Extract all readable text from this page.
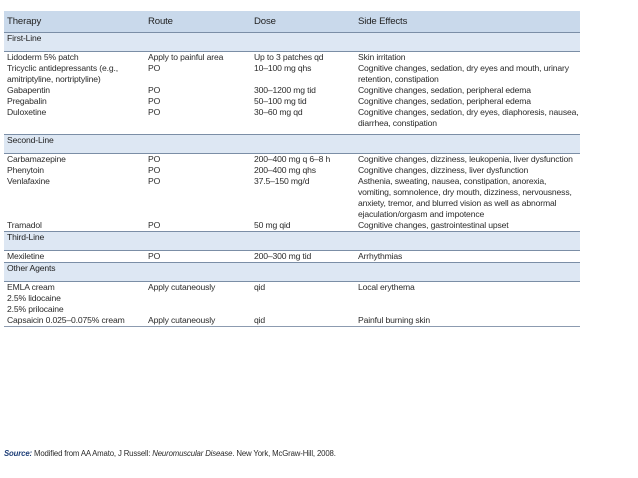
Therapy	Route	Dose	Side Effects
First-Line			
Lidoderm 5% patch	Apply to painful area	Up to 3 patches qd	Skin irritation
Tricyclic antidepressants (e.g., amitriptyline, nortriptyline)	PO	10–100 mg qhs	Cognitive changes, sedation, dry eyes and mouth, urinary retention, constipation
Gabapentin	PO	300–1200 mg tid	Cognitive changes, sedation, peripheral edema
Pregabalin	PO	50–100 mg tid	Cognitive changes, sedation, peripheral edema
Duloxetine	PO	30–60 mg qd	Cognitive changes, sedation, dry eyes, diaphoresis, nausea, diarrhea, constipation

Second-Line			
Carbamazepine	PO	200–400 mg q 6–8 h	Cognitive changes, dizziness, leukopenia, liver dysfunction
Phenytoin	PO	200–400 mg qhs	Cognitive changes, dizziness, liver dysfunction
Venlafaxine	PO	37.5–150 mg/d	Asthenia, sweating, nausea, constipation, anorexia, vomiting, somnolence, dry mouth, dizziness, nervousness, anxiety, tremor, and blurred vision as well as abnormal ejaculation/orgasm and impotence
Tramadol	PO	50 mg qid	Cognitive changes, gastrointestinal upset
Third-Line			
Mexiletine	PO	200–300 mg tid	Arrhythmias
Other Agents			
EMLA cream	Apply cutaneously	qid	Local erythema
2.5% lidocaine			
2.5% prilocaine			
Capsaicin 0.025–0.075% cream	Apply cutaneously	qid	Painful burning skin
Source: Modified from AA Amato, J Russell: Neuromuscular Disease. New York, McGraw-Hill, 2008.
